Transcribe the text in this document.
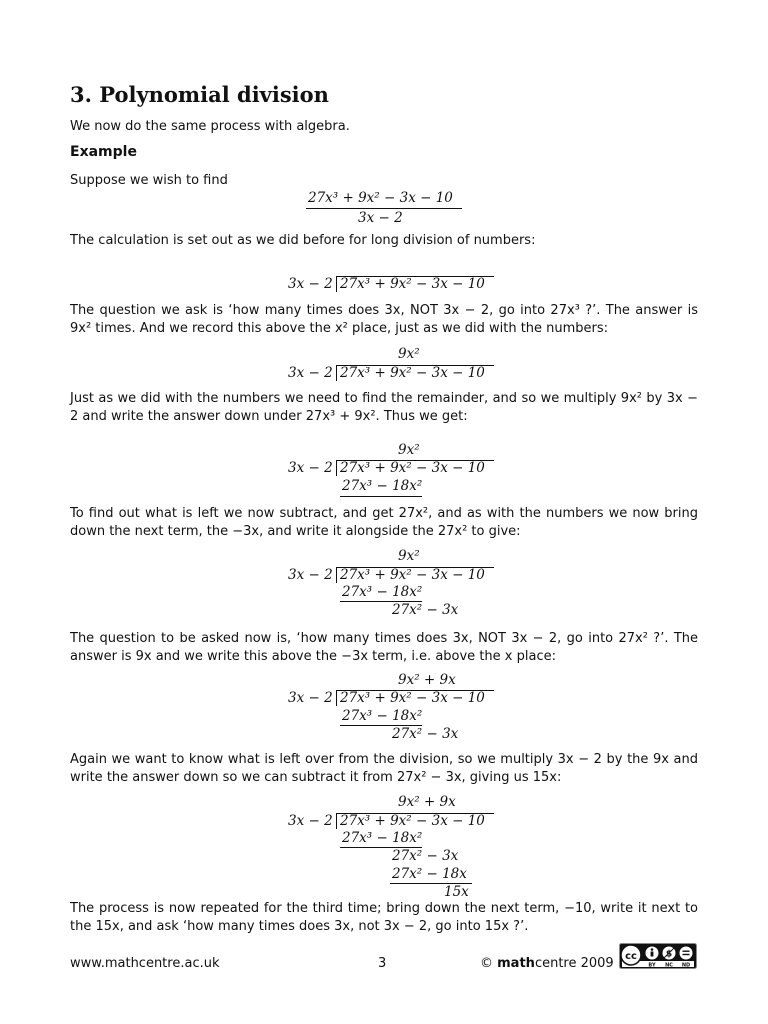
3. Polynomial division

We now do the same process with algebra.

Example

Suppose we wish to find

27x³ + 9x² − 3x − 10
3x − 2

The calculation is set out as we did before for long division of numbers:

3x − 2 27x³ + 9x² − 3x − 10

The question we ask is ‘how many times does 3x, NOT 3x − 2, go into 27x³ ?’. The answer is 9x² times. And we record this above the x² place, just as we did with the numbers:

9x²
3x − 2 27x³ + 9x² − 3x − 10

Just as we did with the numbers we need to find the remainder, and so we multiply 9x² by 3x − 2 and write the answer down under 27x³ + 9x². Thus we get:

9x²
3x − 2 27x³ + 9x² − 3x − 10
27x³ − 18x²

To find out what is left we now subtract, and get 27x², and as with the numbers we now bring down the next term, the −3x, and write it alongside the 27x² to give:

9x²
3x − 2 27x³ + 9x² − 3x − 10
27x³ − 18x²
27x² − 3x

The question to be asked now is, ‘how many times does 3x, NOT 3x − 2, go into 27x² ?’. The answer is 9x and we write this above the −3x term, i.e. above the x place:

9x² + 9x
3x − 2 27x³ + 9x² − 3x − 10
27x³ − 18x²
27x² − 3x

Again we want to know what is left over from the division, so we multiply 3x − 2 by the 9x and write the answer down so we can subtract it from 27x² − 3x, giving us 15x:

9x² + 9x
3x − 2 27x³ + 9x² − 3x − 10
27x³ − 18x²
27x² − 3x
27x² − 18x
15x

The process is now repeated for the third time; bring down the next term, −10, write it next to the 15x, and ask ‘how many times does 3x, not 3x − 2, go into 15x ?’.

www.mathcentre.ac.uk	3	© mathcentre 2009 cc	$
BY NC ND
